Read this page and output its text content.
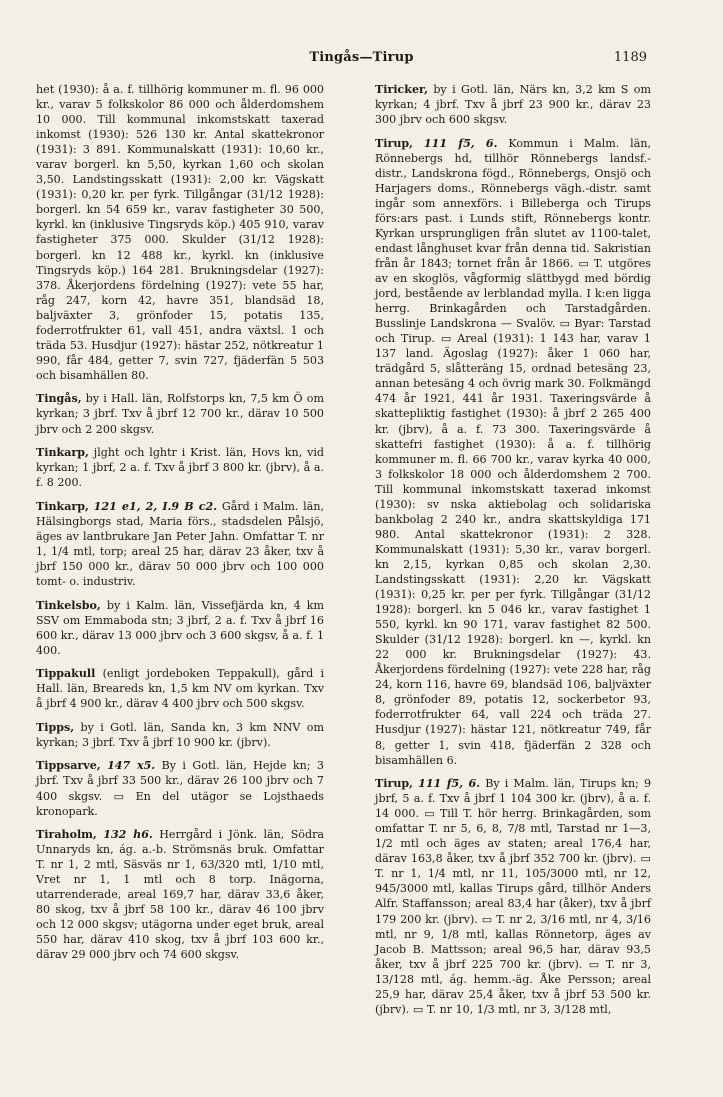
Tingås—Tirup	1189

het (1930): å a. f. tillhörig kommuner m. fl. 96 000 kr., varav 5 folkskolor 86 000 och ålderdomshem 10 000. Till kommunal inkomstskatt taxerad inkomst (1930): 526 130 kr. Antal skattekronor (1931): 3 891. Kommunalskatt (1931): 10,60 kr., varav borgerl. kn 5,50, kyrkan 1,60 och skolan 3,50. Landstingsskatt (1931): 2,00 kr. Vägskatt (1931): 0,20 kr. per fyrk. Tillgångar (31/12 1928): borgerl. kn 54 659 kr., varav fastigheter 30 500, kyrkl. kn (inklusive Tingsryds köp.) 405 910, varav fastigheter 375 000. Skulder (31/12 1928): borgerl. kn 12 488 kr., kyrkl. kn (inklusive Tingsryds köp.) 164 281. Brukningsdelar (1927): 378. Åkerjordens fördelning (1927): vete 55 har, råg 247, korn 42, havre 351, blandsäd 18, baljväxter 3, grönfoder 15, potatis 135, foderrotfrukter 61, vall 451, andra växtsl. 1 och träda 53. Husdjur (1927): hästar 252, nötkreatur 1 990, får 484, getter 7, svin 727, fjäderfän 5 503 och bisamhällen 80.

Tingås, by i Hall. län, Rolfstorps kn, 7,5 km Ö om kyrkan; 3 jbrf. Txv å jbrf 12 700 kr., därav 10 500 jbrv och 2 200 skgsv.

Tinkarp, jlght och lghtr i Krist. län, Hovs kn, vid kyrkan; 1 jbrf, 2 a. f. Txv å jbrf 3 800 kr. (jbrv), å a. f. 8 200.

Tinkarp, 121 e1, 2, I.9 B c2. Gård i Malm. län, Hälsingborgs stad, Maria förs., stadsdelen Pålsjö, äges av lantbrukare Jan Peter Jahn. Omfattar T. nr 1, 1/4 mtl, torp; areal 25 har, därav 23 åker, txv å jbrf 150 000 kr., därav 50 000 jbrv och 100 000 tomt- o. industriv.

Tinkelsbo, by i Kalm. län, Vissefjärda kn, 4 km SSV om Emmaboda stn; 3 jbrf, 2 a. f. Txv å jbrf 16 600 kr., därav 13 000 jbrv och 3 600 skgsv, å a. f. 1 400.

Tippakull (enligt jordeboken Teppakull), gård i Hall. län, Breareds kn, 1,5 km NV om kyrkan. Txv å jbrf 4 900 kr., därav 4 400 jbrv och 500 skgsv.

Tipps, by i Gotl. län, Sanda kn, 3 km NNV om kyrkan; 3 jbrf. Txv å jbrf 10 900 kr. (jbrv).

Tippsarve, 147 x5. By i Gotl. län, Hejde kn; 3 jbrf. Txv å jbrf 33 500 kr., därav 26 100 jbrv och 7 400 skgsv. ▭ En del utägor se Lojsthaeds kronopark.

Tiraholm, 132 h6. Herrgård i Jönk. län, Södra Unnaryds kn, ág. a.-b. Strömsnäs bruk. Omfattar T. nr 1, 2 mtl, Säsväs nr 1, 63/320 mtl, 1/10 mtl, Vret nr 1, 1 mtl och 8 torp. Inägorna, utarrenderade, areal 169,7 har, därav 33,6 åker, 80 skog, txv å jbrf 58 100 kr., därav 46 100 jbrv och 12 000 skgsv; utägorna under eget bruk, areal 550 har, därav 410 skog, txv å jbrf 103 600 kr., därav 29 000 jbrv och 74 600 skgsv.

Tiricker, by i Gotl. län, Närs kn, 3,2 km S om kyrkan; 4 jbrf. Txv å jbrf 23 900 kr., därav 23 300 jbrv och 600 skgsv.

Tirup, 111 f5, 6. Kommun i Malm. län, Rönnebergs hd, tillhör Rönnebergs landsf.- distr., Landskrona fögd., Rönnebergs, Onsjö och Harjagers doms., Rönnebergs vägh.-distr. samt ingår som annexförs. i Billeberga och Tirups förs:ars past. i Lunds stift, Rönnebergs kontr. Kyrkan ursprungligen från slutet av 1100-talet, endast långhuset kvar från denna tid. Sakristian från år 1843; tornet från år 1866. ▭ T. utgöres av en skoglös, vågformig slättbygd med bördig jord, bestående av lerblandad mylla. I k:en ligga herrg. Brinkagården och Tarstadgården. Busslinje Landskrona — Svalöv. ▭ Byar: Tarstad och Tirup. ▭ Areal (1931): 1 143 har, varav 1 137 land. Ägoslag (1927): åker 1 060 har, trädgård 5, slåtteräng 15, ordnad betesäng 23, annan betesäng 4 och övrig mark 30. Folkmängd 474 år 1921, 441 år 1931. Taxeringsvärde å skattepliktig fastighet (1930): å jbrf 2 265 400 kr. (jbrv), å a. f. 73 300. Taxeringsvärde å skattefri fastighet (1930): å a. f. tillhörig kommuner m. fl. 66 700 kr., varav kyrka 40 000, 3 folkskolor 18 000 och ålderdomshem 2 700. Till kommunal inkomstskatt taxerad inkomst (1930): sv nska aktiebolag och solidariska bankbolag 2 240 kr., andra skattskyldiga 171 980. Antal skattekronor (1931): 2 328. Kommunalskatt (1931): 5,30 kr., varav borgerl. kn 2,15, kyrkan 0,85 och skolan 2,30. Landstingsskatt (1931): 2,20 kr. Vägskatt (1931): 0,25 kr. per per fyrk. Tillgångar (31/12 1928): borgerl. kn 5 046 kr., varav fastighet 1 550, kyrkl. kn 90 171, varav fastighet 82 500. Skulder (31/12 1928): borgerl. kn —, kyrkl. kn 22 000 kr. Brukningsdelar (1927): 43. Åkerjordens fördelning (1927): vete 228 har, råg 24, korn 116, havre 69, blandsäd 106, baljväxter 8, grönfoder 89, potatis 12, sockerbetor 93, foderrotfrukter 64, vall 224 och träda 27. Husdjur (1927): hästar 121, nötkreatur 749, får 8, getter 1, svin 418, fjäderfän 2 328 och bisamhällen 6.

Tirup, 111 f5, 6. By i Malm. län, Tirups kn; 9 jbrf, 5 a. f. Txv å jbrf 1 104 300 kr. (jbrv), å a. f. 14 000. ▭ Till T. hör herrg. Brinkagården, som omfattar T. nr 5, 6, 8, 7/8 mtl, Tarstad nr 1—3, 1/2 mtl och äges av staten; areal 176,4 har, därav 163,8 åker, txv å jbrf 352 700 kr. (jbrv). ▭ T. nr 1, 1/4 mtl, nr 11, 105/3000 mtl, nr 12, 945/3000 mtl, kallas Tirups gård, tillhör Anders Alfr. Staffansson; areal 83,4 har (åker), txv å jbrf 179 200 kr. (jbrv). ▭ T. nr 2, 3/16 mtl, nr 4, 3/16 mtl, nr 9, 1/8 mtl, kallas Rönnetorp, äges av Jacob B. Mattsson; areal 96,5 har, därav 93,5 åker, txv å jbrf 225 700 kr. (jbrv). ▭ T. nr 3, 13/128 mtl, ág. hemm.-äg. Åke Persson; areal 25,9 har, därav 25,4 åker, txv å jbrf 53 500 kr. (jbrv). ▭ T. nr 10, 1/3 mtl, nr 3, 3/128 mtl,
